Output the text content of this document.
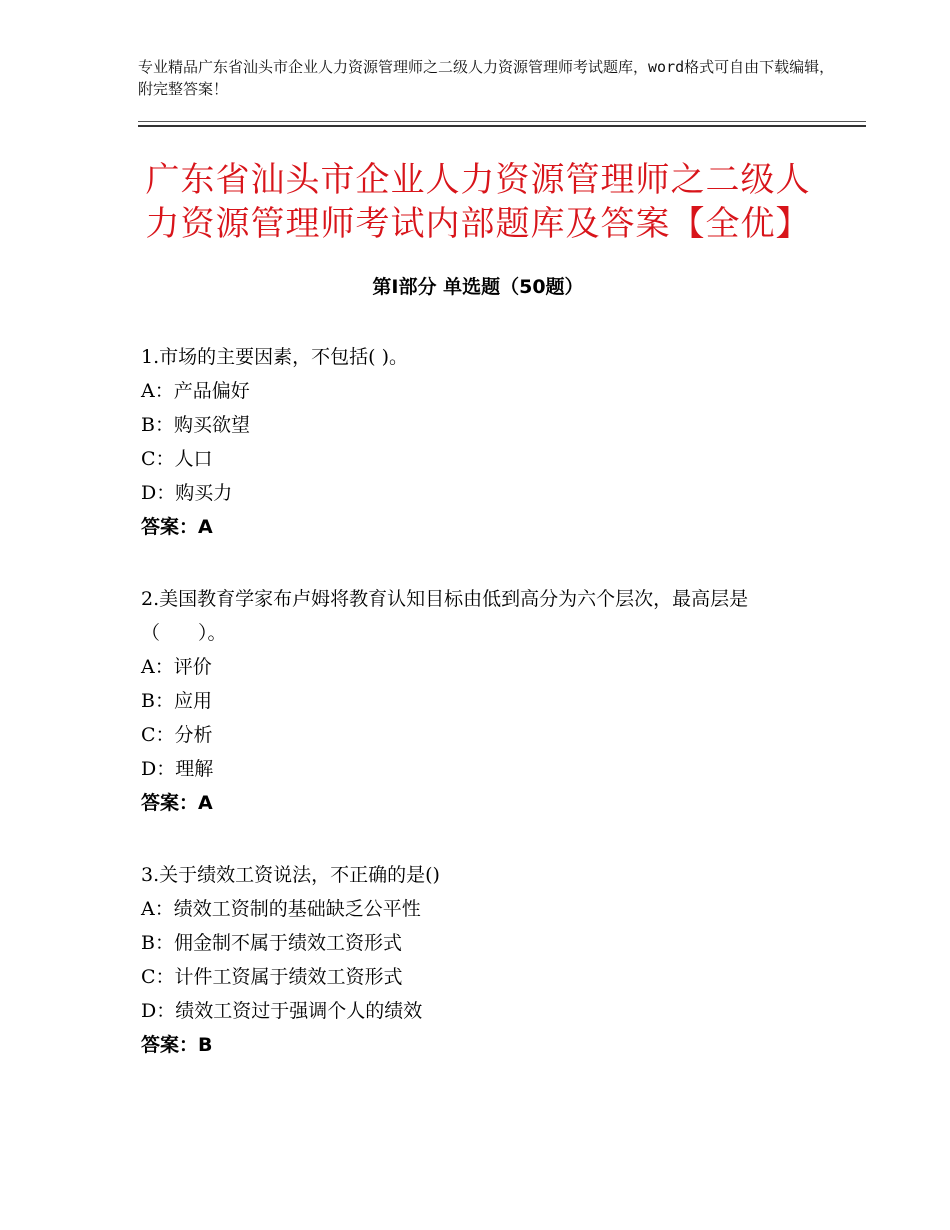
专业精品广东省汕头市企业人力资源管理师之二级人力资源管理师考试题库，word格式可自由下载编辑，附完整答案！
广东省汕头市企业人力资源管理师之二级人
力资源管理师考试内部题库及答案【全优】
第Ⅰ部分 单选题（50题）

1.市场的主要因素，不包括( )。

A：产品偏好

B：购买欲望

C：人口

D：购买力

答案：A

2.美国教育学家布卢姆将教育认知目标由低到高分为六个层次，最高层是（　　）。

A：评价

B：应用

C：分析

D：理解

答案：A

3.关于绩效工资说法，不正确的是()

A：绩效工资制的基础缺乏公平性

B：佣金制不属于绩效工资形式

C：计件工资属于绩效工资形式

D：绩效工资过于强调个人的绩效

答案：B
